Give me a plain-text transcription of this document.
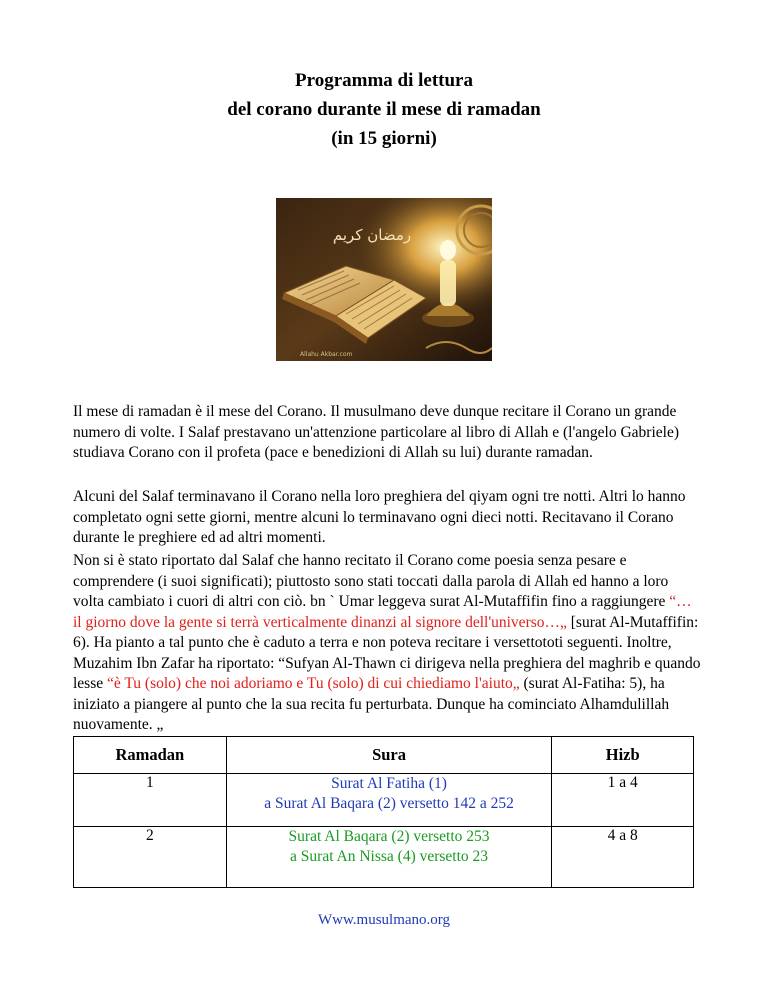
Programma di lettura
del corano durante il mese di ramadan
(in 15 giorni)
رمضان كريم
Allahu Akbar.com

Il mese di ramadan è il mese del Corano. Il musulmano deve dunque recitare il Corano un grande numero di volte. I Salaf prestavano un'attenzione particolare al libro di Allah e (l'angelo Gabriele) studiava Corano con il profeta (pace e benedizioni di Allah su lui) durante ramadan.

Alcuni del Salaf terminavano il Corano nella loro preghiera del qiyam ogni tre notti. Altri lo hanno completato ogni sette giorni, mentre alcuni lo terminavano ogni dieci notti. Recitavano il Corano durante le preghiere ed ad altri momenti.

Non si è stato riportato dal Salaf che hanno recitato il Corano come poesia senza pesare e comprendere (i suoi significati); piuttosto sono stati toccati dalla parola di Allah ed hanno a loro volta cambiato i cuori di altri con ciò. bn ` Umar leggeva surat Al-Mutaffifin fino a raggiungere “… il giorno dove la gente si terrà verticalmente dinanzi al signore dell'universo…„ [surat Al-Mutaffifin: 6). Ha pianto a tal punto che è caduto a terra e non poteva recitare i versettototi seguenti. Inoltre, Muzahim Ibn Zafar ha riportato: “Sufyan Al-Thawn ci dirigeva nella preghiera del maghrib e quando lesse “è Tu (solo) che noi adoriamo e Tu (solo) di cui chiediamo l'aiuto„ (surat Al-Fatiha: 5), ha iniziato a piangere al punto che la sua recita fu perturbata. Dunque ha cominciato Alhamdulillah nuovamente. „

Ramadan	Sura	Hizb
1	Surat Al Fatiha (1)
a Surat Al Baqara (2) versetto 142 a 252	1 a 4
2	Surat Al Baqara (2) versetto 253
a Surat An Nissa (4) versetto 23	4 a 8
Www.musulmano.org
